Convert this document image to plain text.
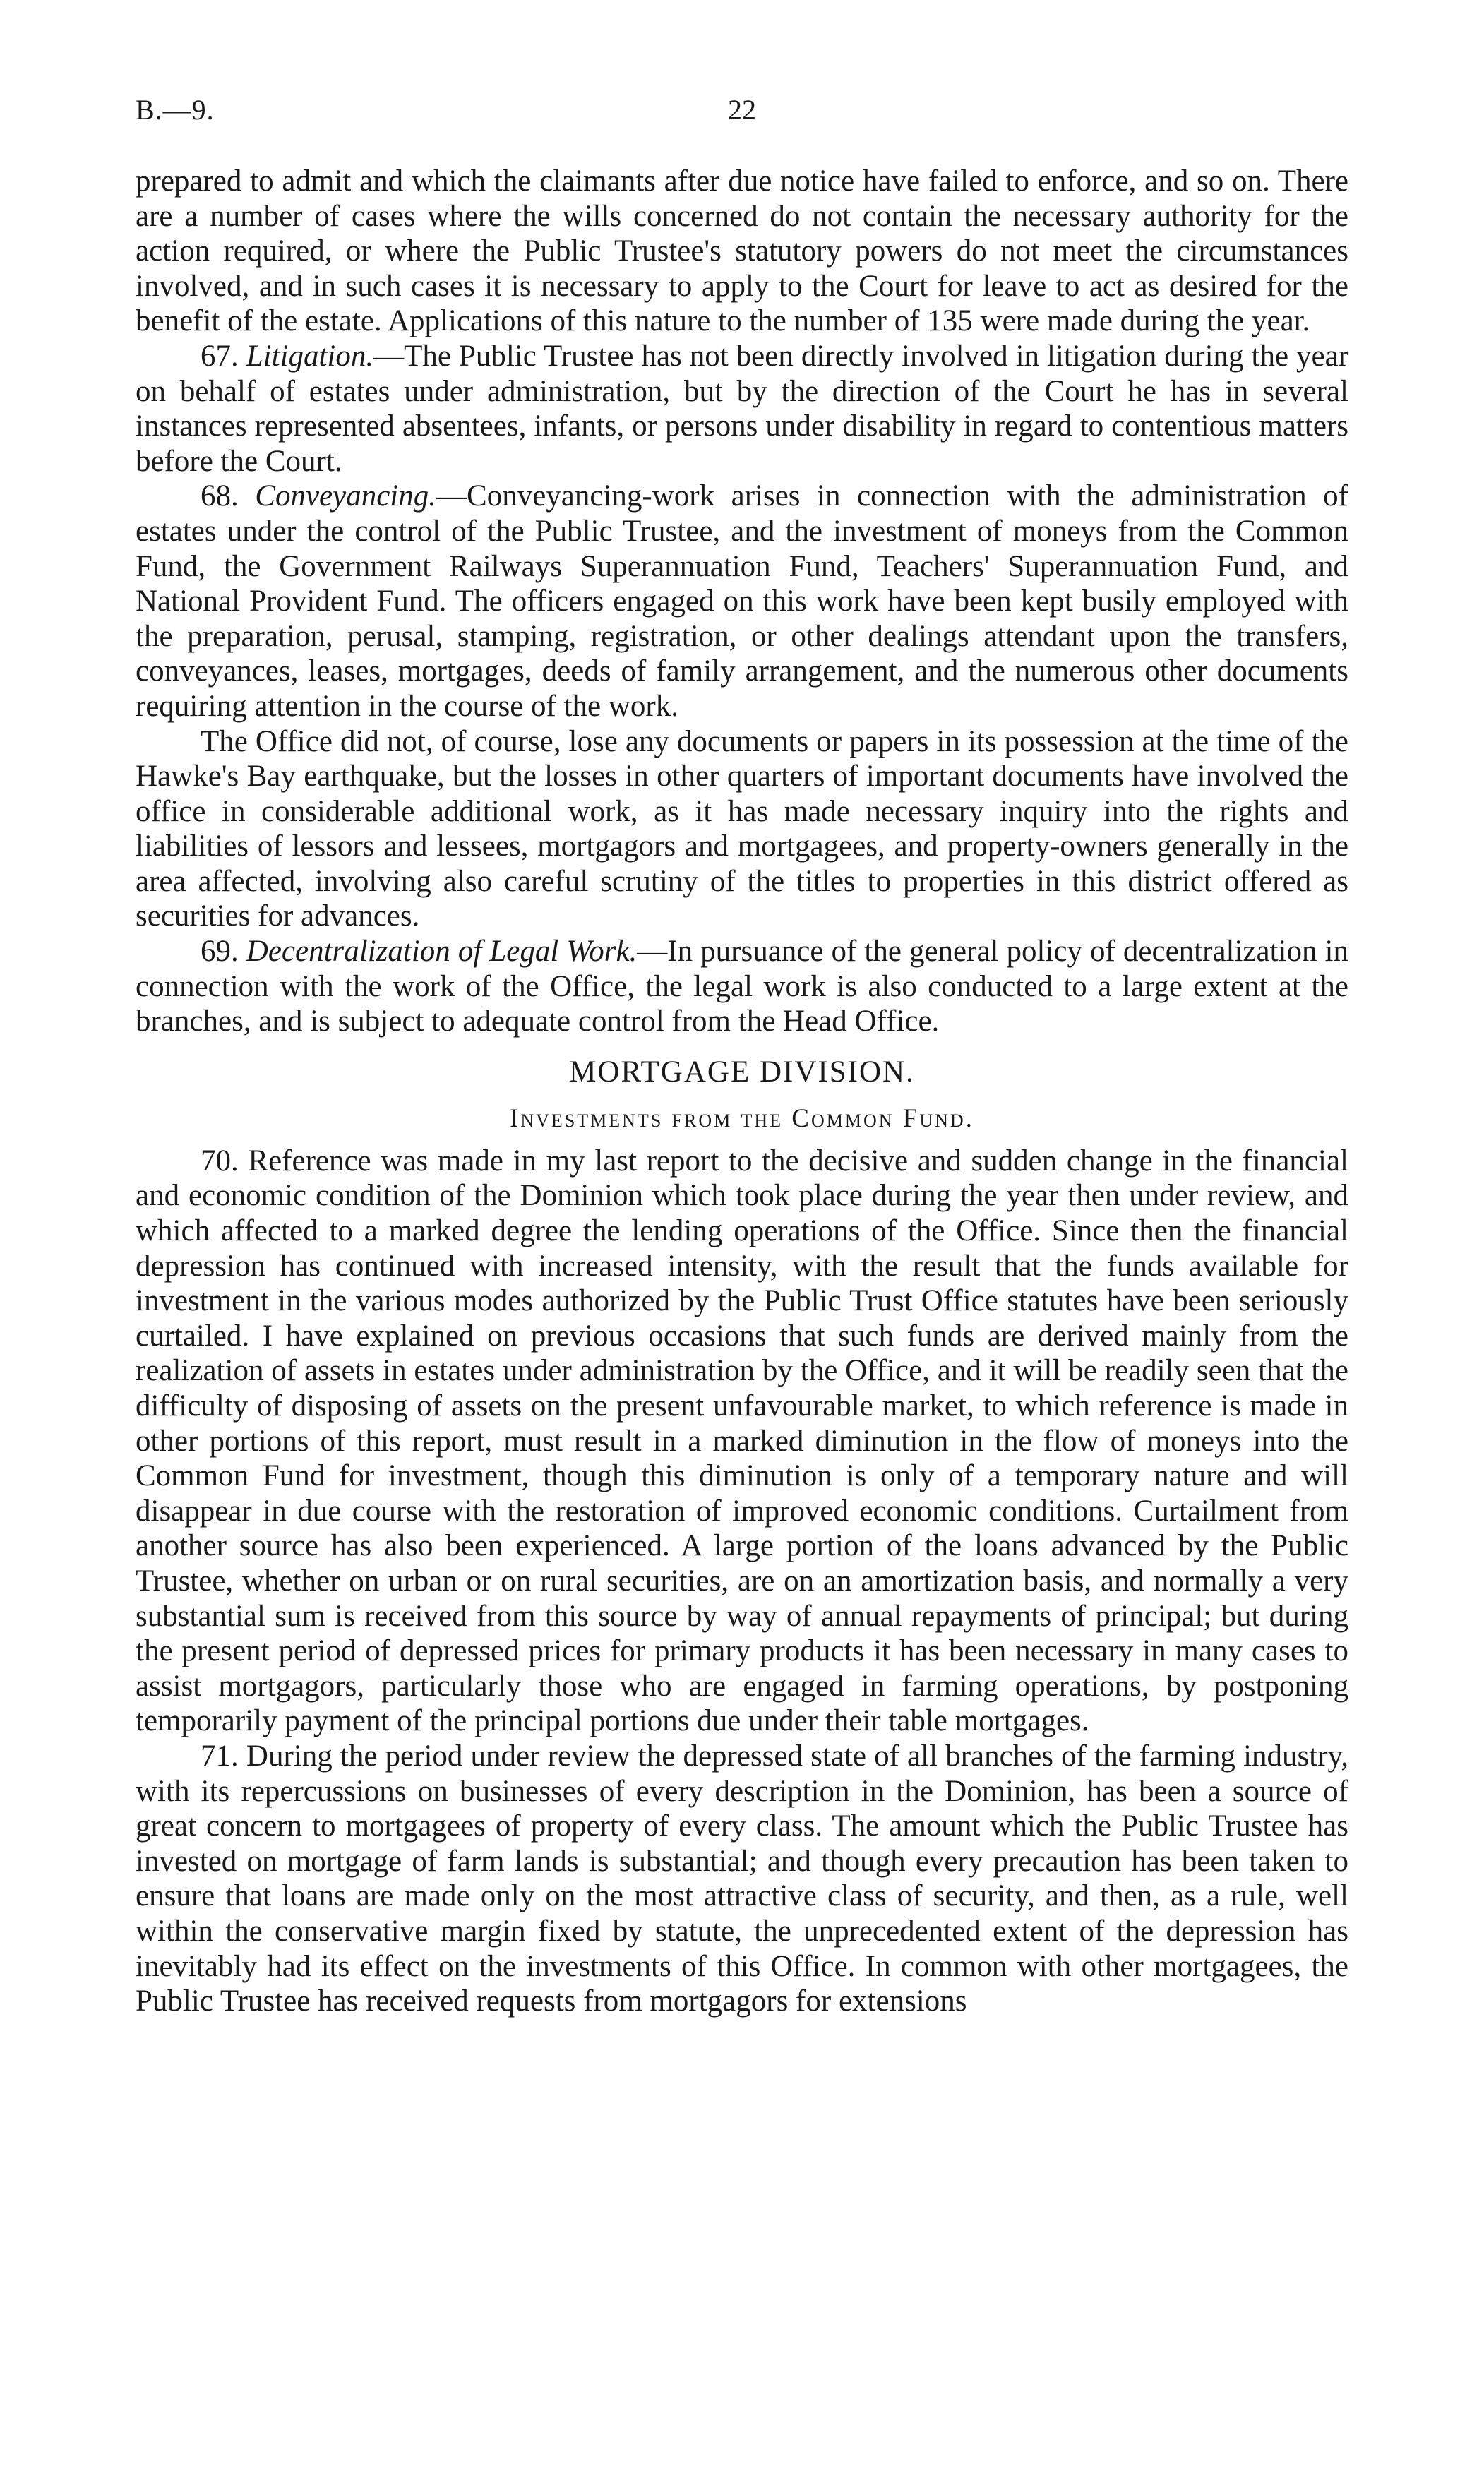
B.—9.	22

prepared to admit and which the claimants after due notice have failed to enforce, and so on. There are a number of cases where the wills concerned do not contain the necessary authority for the action required, or where the Public Trustee's statutory powers do not meet the circumstances involved, and in such cases it is necessary to apply to the Court for leave to act as desired for the benefit of the estate. Applications of this nature to the number of 135 were made during the year.

67. Litigation.—The Public Trustee has not been directly involved in litigation during the year on behalf of estates under administration, but by the direction of the Court he has in several instances represented absentees, infants, or persons under disability in regard to contentious matters before the Court.

68. Conveyancing.—Conveyancing-work arises in connection with the administration of estates under the control of the Public Trustee, and the investment of moneys from the Common Fund, the Government Railways Superannuation Fund, Teachers' Superannuation Fund, and National Provident Fund. The officers engaged on this work have been kept busily employed with the preparation, perusal, stamping, registration, or other dealings attendant upon the transfers, conveyances, leases, mortgages, deeds of family arrangement, and the numerous other documents requiring attention in the course of the work.

The Office did not, of course, lose any documents or papers in its possession at the time of the Hawke's Bay earthquake, but the losses in other quarters of important documents have involved the office in considerable additional work, as it has made necessary inquiry into the rights and liabilities of lessors and lessees, mortgagors and mortgagees, and property-owners generally in the area affected, involving also careful scrutiny of the titles to properties in this district offered as securities for advances.

69. Decentralization of Legal Work.—In pursuance of the general policy of decentralization in connection with the work of the Office, the legal work is also conducted to a large extent at the branches, and is subject to adequate control from the Head Office.

MORTGAGE DIVISION.
Investments from the Common Fund.

70. Reference was made in my last report to the decisive and sudden change in the financial and economic condition of the Dominion which took place during the year then under review, and which affected to a marked degree the lending operations of the Office. Since then the financial depression has continued with increased intensity, with the result that the funds available for investment in the various modes authorized by the Public Trust Office statutes have been seriously curtailed. I have explained on previous occasions that such funds are derived mainly from the realization of assets in estates under administration by the Office, and it will be readily seen that the difficulty of disposing of assets on the present unfavourable market, to which reference is made in other portions of this report, must result in a marked diminution in the flow of moneys into the Common Fund for investment, though this diminution is only of a temporary nature and will disappear in due course with the restoration of improved economic conditions. Curtailment from another source has also been experienced. A large portion of the loans advanced by the Public Trustee, whether on urban or on rural securities, are on an amortization basis, and normally a very substantial sum is received from this source by way of annual repayments of principal; but during the present period of depressed prices for primary products it has been necessary in many cases to assist mortgagors, particularly those who are engaged in farming operations, by postponing temporarily payment of the principal portions due under their table mortgages.

71. During the period under review the depressed state of all branches of the farming industry, with its repercussions on businesses of every description in the Dominion, has been a source of great concern to mortgagees of property of every class. The amount which the Public Trustee has invested on mortgage of farm lands is substantial; and though every precaution has been taken to ensure that loans are made only on the most attractive class of security, and then, as a rule, well within the conservative margin fixed by statute, the unprecedented extent of the depression has inevitably had its effect on the investments of this Office. In common with other mortgagees, the Public Trustee has received requests from mortgagors for extensions
